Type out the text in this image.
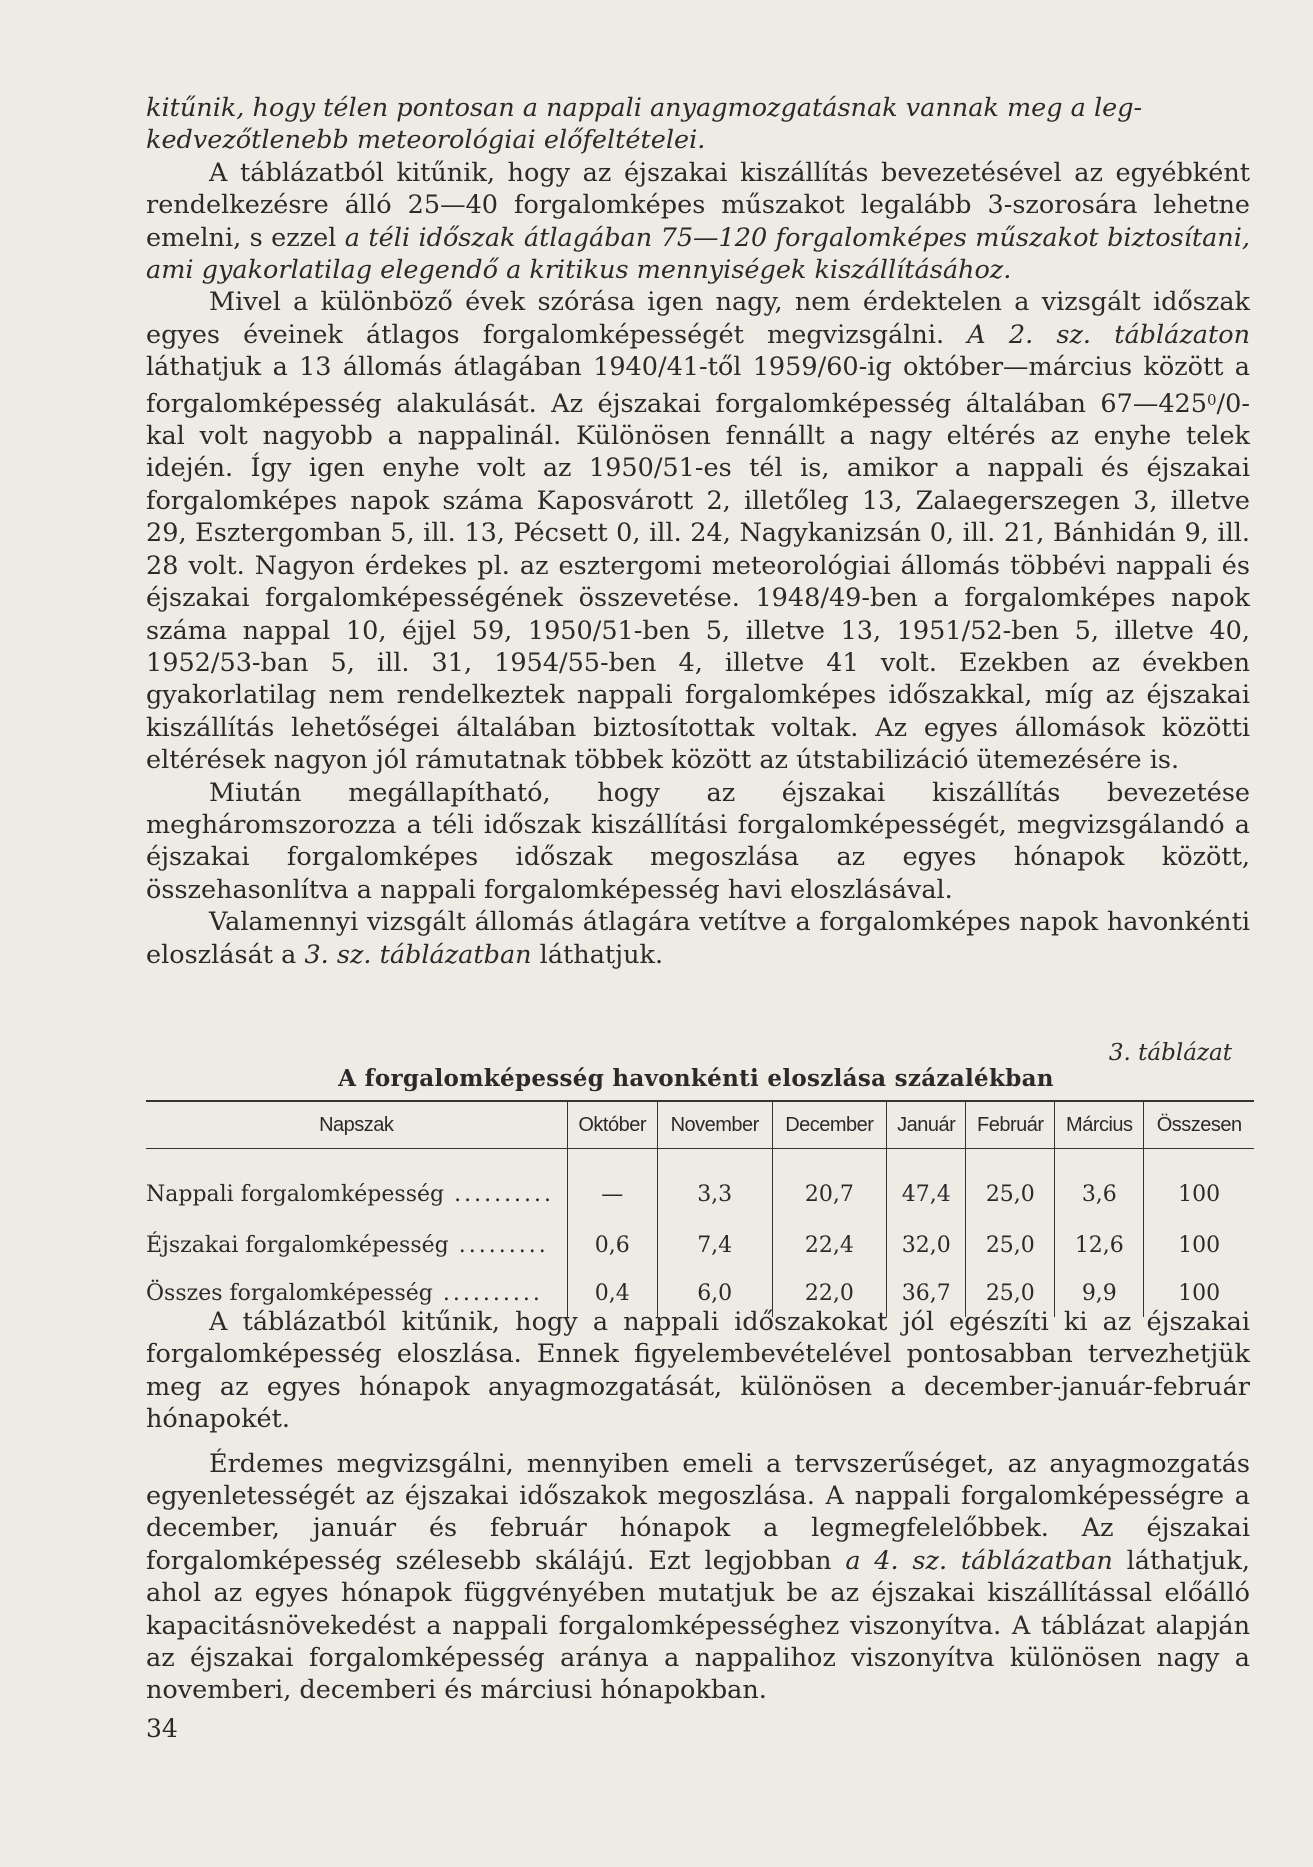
kitűnik, hogy télen pontosan a nappali anyagmozgatásnak vannak meg a leg-
kedvezőtlenebb meteorológiai előfeltételei.

A táblázatból kitűnik, hogy az éjszakai kiszállítás bevezetésével az egyébként rendelkezésre álló 25—40 forgalomképes műszakot legalább 3-szorosára lehetne emelni, s ezzel a téli időszak átlagában 75—120 forgalomképes műszakot biztosítani, ami gyakorlatilag elegendő a kritikus mennyiségek kiszállításához.

Mivel a különböző évek szórása igen nagy, nem érdektelen a vizsgált időszak egyes éveinek átlagos forgalomképességét megvizsgálni. A 2. sz. táblázaton láthatjuk a 13 állomás átlagában 1940/41-től 1959/60-ig október—március között a forgalomképesség alakulását. Az éjszakai forgalomképesség általában $67—425^0/0$-kal volt nagyobb a nappalinál. Különösen fennállt a nagy eltérés az enyhe telek idején. Így igen enyhe volt az 1950/51-es tél is, amikor a nappali és éjszakai forgalomképes napok száma Kaposvárott 2, illetőleg 13, Zalaegerszegen 3, illetve 29, Esztergomban 5, ill. 13, Pécsett 0, ill. 24, Nagykanizsán 0, ill. 21, Bánhidán 9, ill. 28 volt. Nagyon érdekes pl. az esztergomi meteorológiai állomás többévi nappali és éjszakai forgalomképességének összevetése. 1948/49-ben a forgalomképes napok száma nappal 10, éjjel 59, 1950/51-ben 5, illetve 13, 1951/52-ben 5, illetve 40, 1952/53-ban 5, ill. 31, 1954/55-ben 4, illetve 41 volt. Ezekben az években gyakorlatilag nem rendelkeztek nappali forgalomképes időszakkal, míg az éjszakai kiszállítás lehetőségei általában biztosítottak voltak. Az egyes állomások közötti eltérések nagyon jól rámutatnak többek között az útstabilizáció ütemezésére is.

Miután megállapítható, hogy az éjszakai kiszállítás bevezetése megháromszorozza a téli időszak kiszállítási forgalomképességét, megvizsgálandó a éjszakai forgalomképes időszak megoszlása az egyes hónapok között, összehasonlítva a nappali forgalomképesség havi eloszlásával.

Valamennyi vizsgált állomás átlagára vetítve a forgalomképes napok havonkénti eloszlását a 3. sz. táblázatban láthatjuk.

3. táblázat
A forgalomképesség havonkénti eloszlása százalékban
Napszak	Október	November	December	Január	Február	Március	Összesen
Nappali forgalomképesség ..........	—	3,3	20,7	47,4	25,0	3,6	100
Éjszakai forgalomképesség .........	0,6	7,4	22,4	32,0	25,0	12,6	100
Összes forgalomképesség ..........	0,4	6,0	22,0	36,7	25,0	9,9	100

A táblázatból kitűnik, hogy a nappali időszakokat jól egészíti ki az éjszakai forgalomképesség eloszlása. Ennek figyelembevételével pontosabban tervezhetjük meg az egyes hónapok anyagmozgatását, különösen a december-január-február hónapokét.

Érdemes megvizsgálni, mennyiben emeli a tervszerűséget, az anyagmozgatás egyenletességét az éjszakai időszakok megoszlása. A nappali forgalomképességre a december, január és február hónapok a legmegfelelőbbek. Az éjszakai forgalomképesség szélesebb skálájú. Ezt legjobban a 4. sz. táblázatban láthatjuk, ahol az egyes hónapok függvényében mutatjuk be az éjszakai kiszállítással előálló kapacitásnövekedést a nappali forgalomképességhez viszonyítva. A táblázat alapján az éjszakai forgalomképesség aránya a nappalihoz viszonyítva különösen nagy a novemberi, decemberi és márciusi hónapokban.

34
